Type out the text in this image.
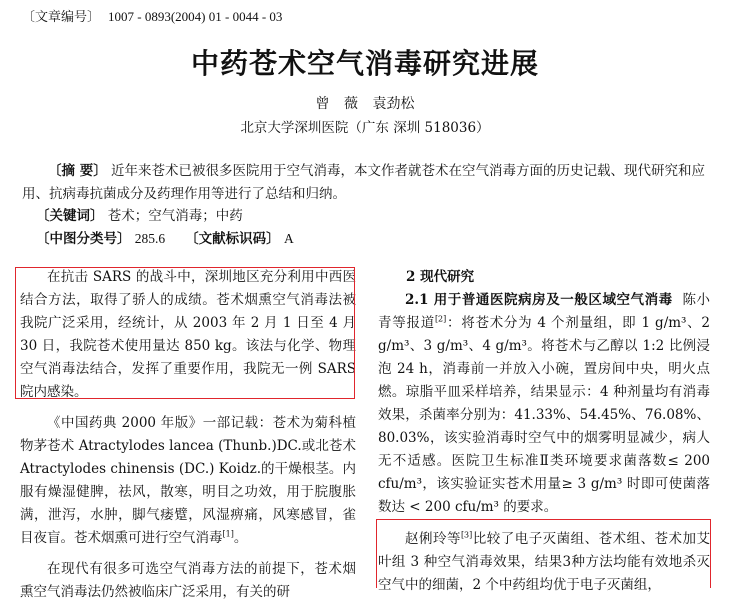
〔文章编号〕 1007 - 0893(2004) 01 - 0044 - 03
中药苍术空气消毒研究进展
曾 薇 袁劲松
北京大学深圳医院（广东 深圳 518036）
〔摘 要〕 近年来苍术已被很多医院用于空气消毒，本文作者就苍术在空气消毒方面的历史记载、现代研究和应用、抗病毒抗菌成分及药理作用等进行了总结和归纳。
〔关键词〕 苍术；空气消毒；中药
〔中图分类号〕 285.6 〔文献标识码〕 A

在抗击 SARS 的战斗中，深圳地区充分利用中西医结合方法，取得了骄人的成绩。苍术烟熏空气消毒法被我院广泛采用，经统计，从 2003 年 2 月 1 日至 4 月 30 日，我院苍术使用量达 850 kg。该法与化学、物理空气消毒法结合，发挥了重要作用，我院无一例 SARS 院内感染。

《中国药典 2000 年版》一部记载：苍术为菊科植物茅苍术 Atractylodes lancea (Thunb.)DC.或北苍术 Atractylodes chinensis (DC.) Koidz.的干燥根茎。内服有燥湿健脾，祛风，散寒，明目之功效，用于脘腹胀满，泄泻，水肿，脚气痿躄，风湿痹痛，风寒感冒，雀目夜盲。苍术烟熏可进行空气消毒[1]。

在现代有很多可选空气消毒方法的前提下，苍术烟熏空气消毒法仍然被临床广泛采用，有关的研

2 现代研究

2.1 用于普通医院病房及一般区域空气消毒 陈小青等报道[2]：将苍术分为 4 个剂量组，即 1 g/m³、2 g/m³、3 g/m³、4 g/m³。将苍术与乙醇以 1:2 比例浸泡 24 h，消毒前一并放入小碗，置房间中央，明火点燃。琼脂平皿采样培养，结果显示：4 种剂量均有消毒效果，杀菌率分别为：41.33%、54.45%、76.08%、80.03%，该实验消毒时空气中的烟雾明显减少，病人无不适感。医院卫生标准Ⅱ类环境要求菌落数≤ 200 cfu/m³，该实验证实苍术用量≥ 3 g/m³ 时即可使菌落数达 < 200 cfu/m³ 的要求。

赵俐玲等[3]比较了电子灭菌组、苍术组、苍术加艾叶组 3 种空气消毒效果，结果3种方法均能有效地杀灭空气中的细菌，2 个中药组均优于电子灭菌组，
